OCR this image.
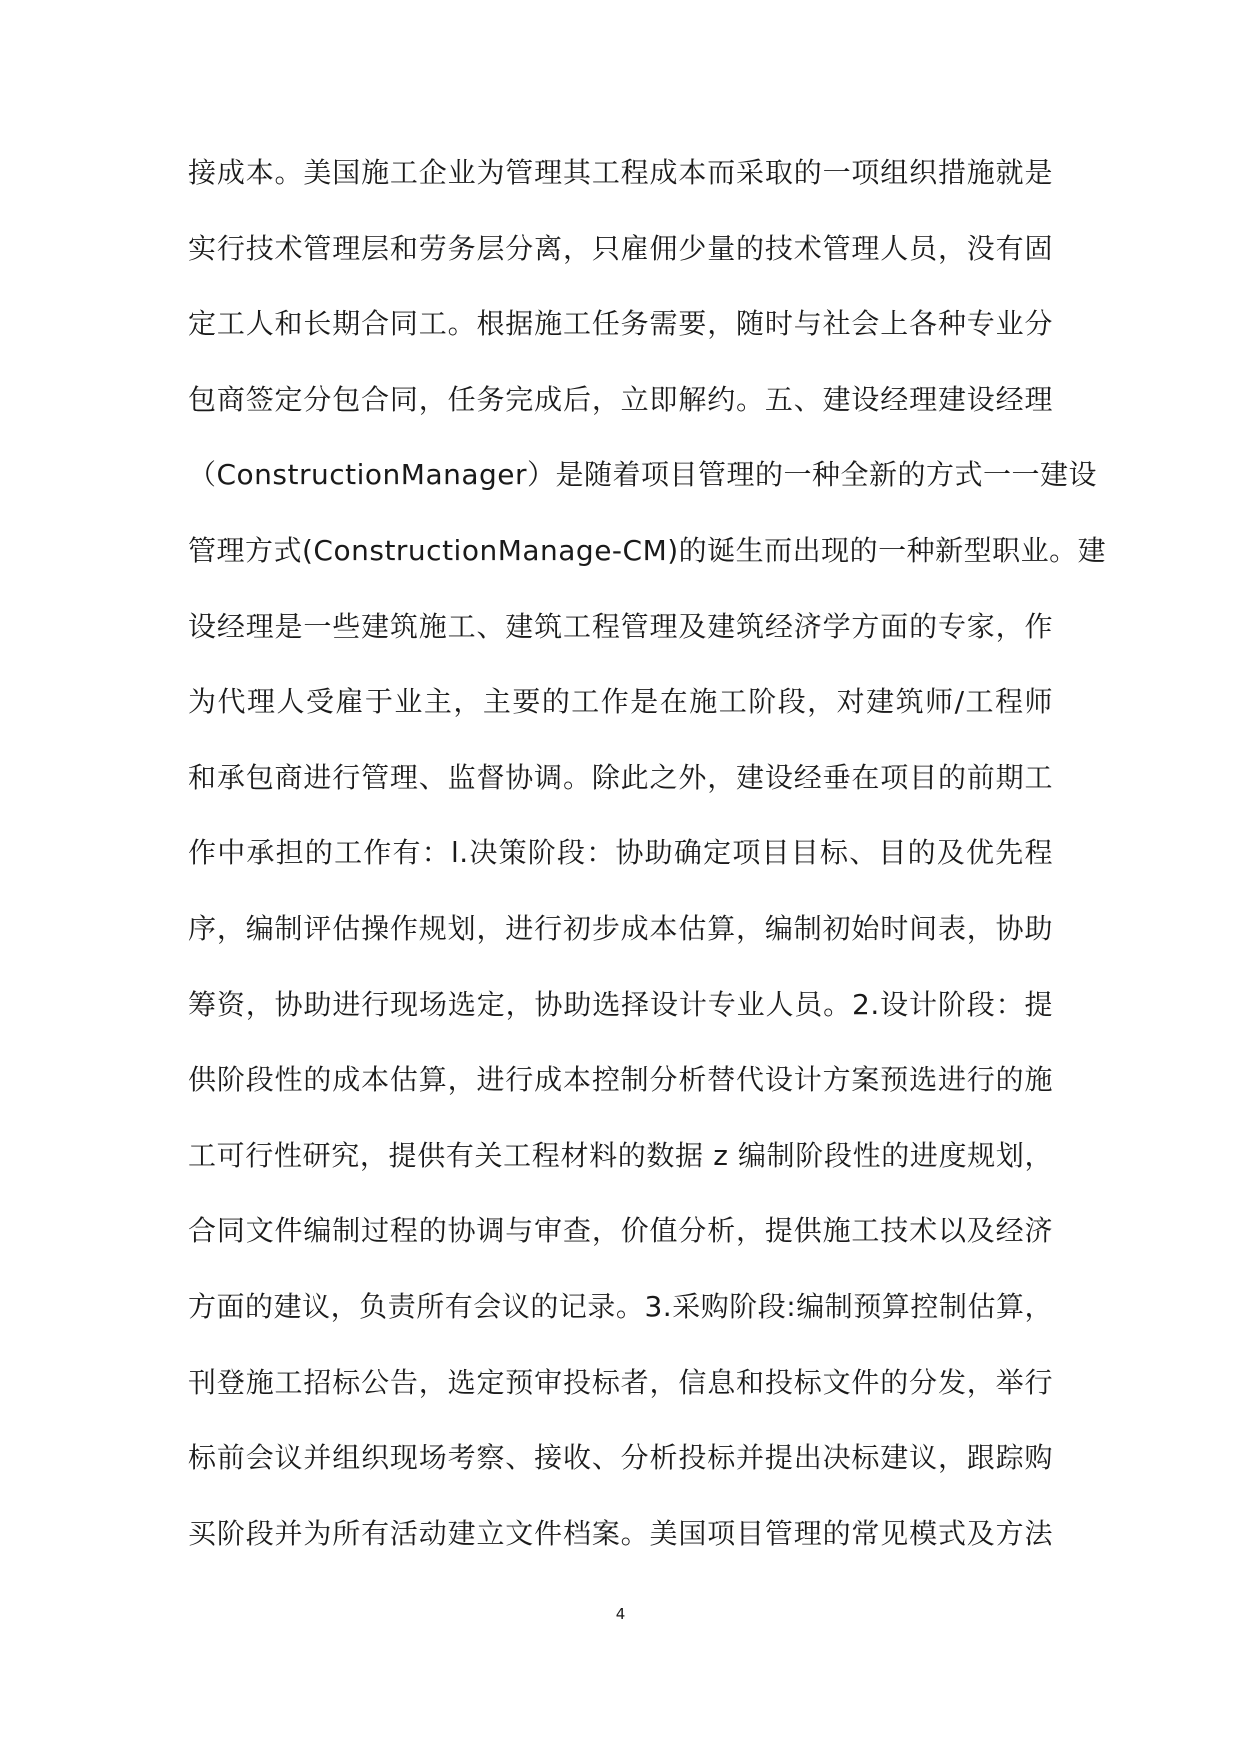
接成本。美国施工企业为管理其工程成本而采取的一项组织措施就是
实行技术管理层和劳务层分离，只雇佣少量的技术管理人员，没有固
定工人和长期合同工。根据施工任务需要，随时与社会上各种专业分
包商签定分包合同，任务完成后，立即解约。五、建设经理建设经理
（ConstructionManager）是随着项目管理的一种全新的方式一一建设
管理方式(ConstructionManage-CM)的诞生而出现的一种新型职业。建
设经理是一些建筑施工、建筑工程管理及建筑经济学方面的专家，作
为代理人受雇于业主，主要的工作是在施工阶段，对建筑师/工程师
和承包商进行管理、监督协调。除此之外，建设经垂在项目的前期工
作中承担的工作有：l.决策阶段：协助确定项目目标、目的及优先程
序，编制评估操作规划，进行初步成本估算，编制初始时间表，协助
筹资，协助进行现场选定，协助选择设计专业人员。2.设计阶段：提
供阶段性的成本估算，进行成本控制分析替代设计方案预选进行的施
工可行性研究，提供有关工程材料的数据 z 编制阶段性的进度规划，
合同文件编制过程的协调与审查，价值分析，提供施工技术以及经济
方面的建议，负责所有会议的记录。3.采购阶段:编制预算控制估算，
刊登施工招标公告，选定预审投标者，信息和投标文件的分发，举行
标前会议并组织现场考察、接收、分析投标并提出决标建议，跟踪购
买阶段并为所有活动建立文件档案。美国项目管理的常见模式及方法
4
